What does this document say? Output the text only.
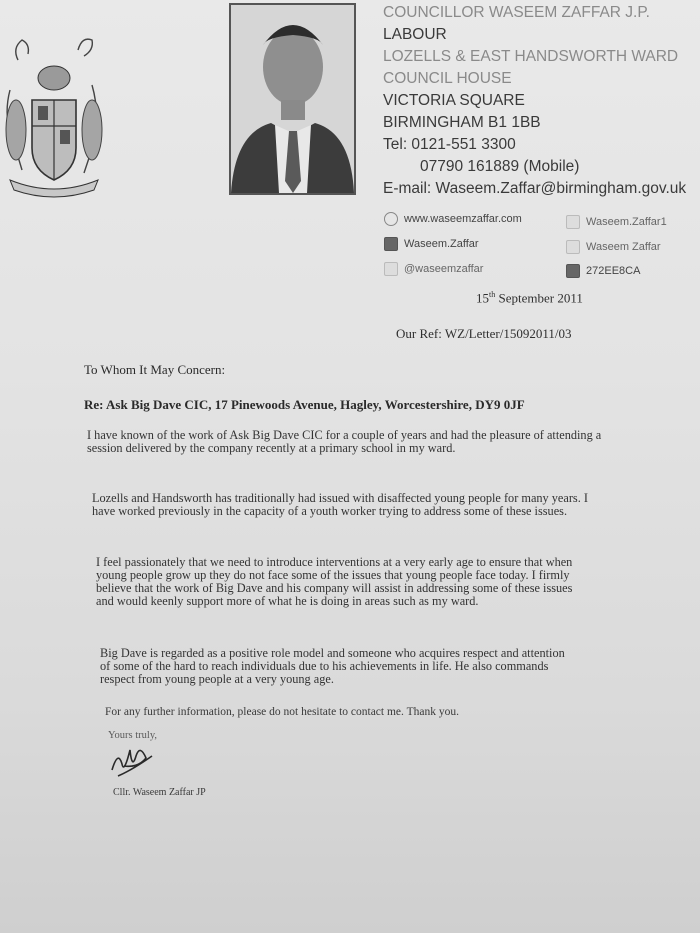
COUNCILLOR WASEEM ZAFFAR J.P.
LABOUR
LOZELLS & EAST HANDSWORTH WARD
COUNCIL HOUSE
VICTORIA SQUARE
BIRMINGHAM B1 1BB
Tel: 0121-551 3300
07790 161889 (Mobile)
E-mail: Waseem.Zaffar@birmingham.gov.uk
www.waseemzaffar.com	Waseem.Zaffar1
Waseem.Zaffar	Waseem Zaffar
@waseemzaffar	272EE8CA
15th September 2011
Our Ref: WZ/Letter/15092011/03
To Whom It May Concern:
Re: Ask Big Dave CIC, 17 Pinewoods Avenue, Hagley, Worcestershire, DY9 0JF
I have known of the work of Ask Big Dave CIC for a couple of years and had the pleasure of attending a session delivered by the company recently at a primary school in my ward.
Lozells and Handsworth has traditionally had issued with disaffected young people for many years. I have worked previously in the capacity of a youth worker trying to address some of these issues.
I feel passionately that we need to introduce interventions at a very early age to ensure that when young people grow up they do not face some of the issues that young people face today. I firmly believe that the work of Big Dave and his company will assist in addressing some of these issues and would keenly support more of what he is doing in areas such as my ward.
Big Dave is regarded as a positive role model and someone who acquires respect and attention of some of the hard to reach individuals due to his achievements in life. He also commands respect from young people at a very young age.
For any further information, please do not hesitate to contact me. Thank you.
Yours truly,
Cllr. Waseem Zaffar JP
